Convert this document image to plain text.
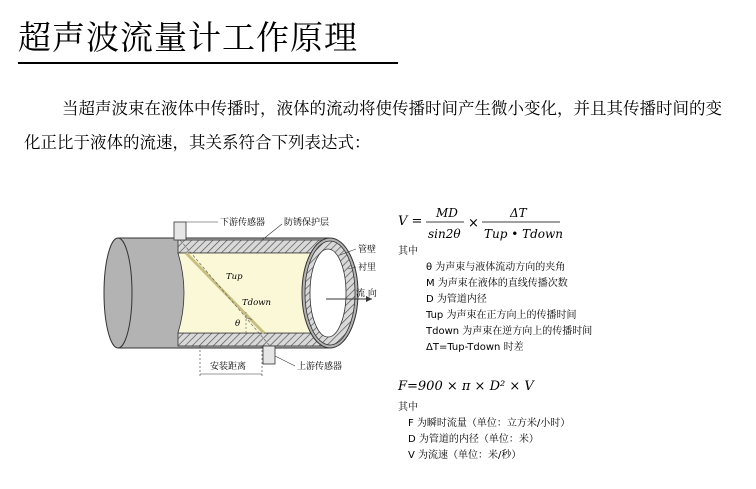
超声波流量计工作原理
当超声波束在液体中传播时，液体的流动将使传播时间产生微小变化，并且其传播时间的变化正比于液体的流速，其关系符合下列表达式：
下游传感器 防锈保护层
管壁
衬里
流 向
Tup
Tdown
θ
安装距离	上游传感器
V =
MD
sin2θ
×
ΔT
Tup • Tdown
F=900 × π × D² × V
其中
θ 为声束与液体流动方向的夹角
M 为声束在液体的直线传播次数
D 为管道内径
Tup 为声束在正方向上的传播时间
Tdown 为声束在逆方向上的传播时间
ΔT=Tup-Tdown 时差
其中
F 为瞬时流量（单位：立方米/小时）
D 为管道的内径（单位：米）
V 为流速（单位：米/秒）
